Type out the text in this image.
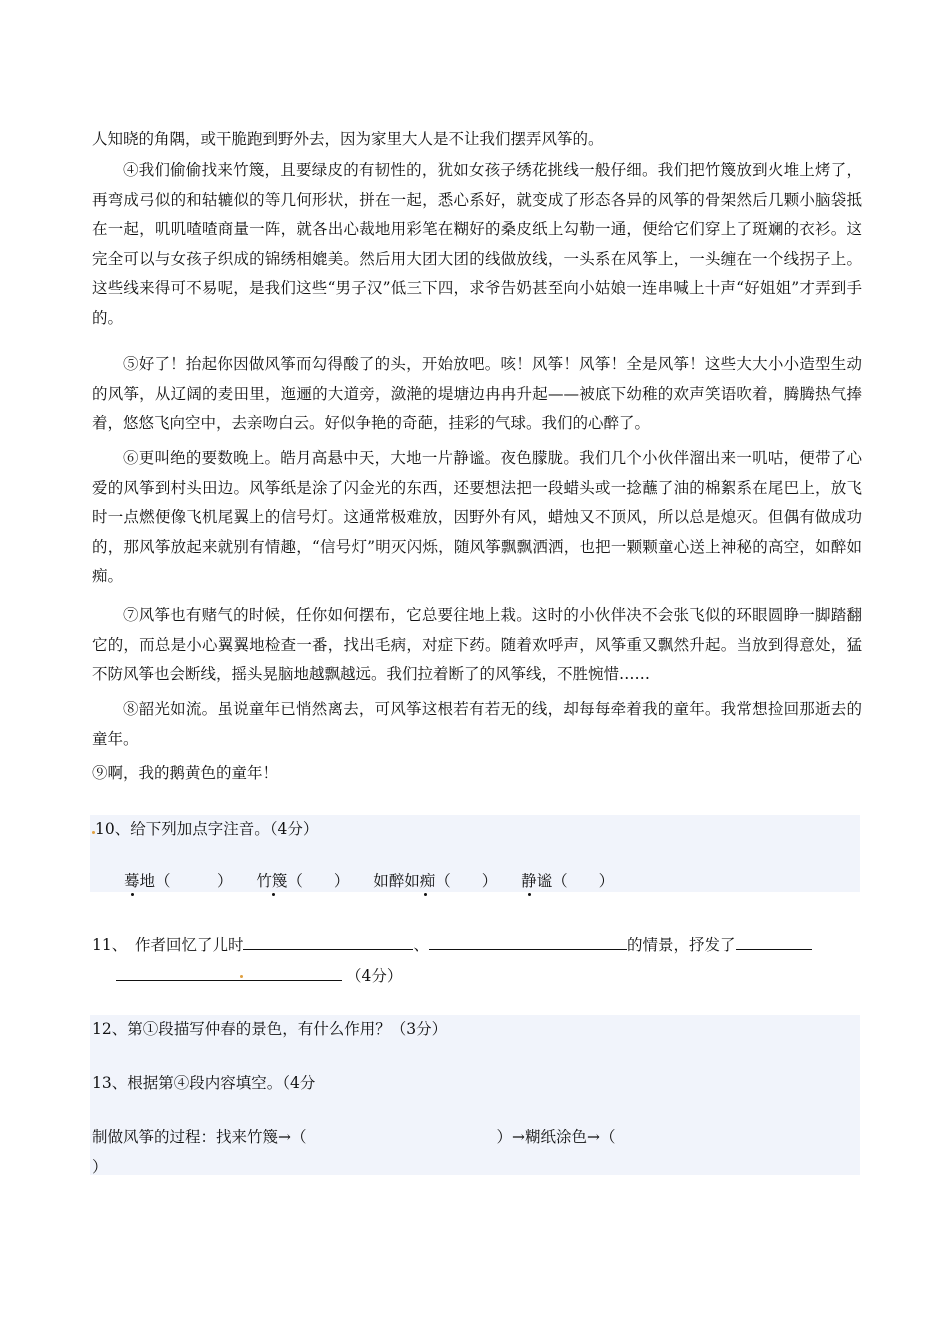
人知晓的角隅，或干脆跑到野外去，因为家里大人是不让我们摆弄风筝的。

④我们偷偷找来竹篾，且要绿皮的有韧性的，犹如女孩子绣花挑线一般仔细。我们把竹篾放到火堆上烤了，再弯成弓似的和轱辘似的等几何形状，拼在一起，悉心系好，就变成了形态各异的风筝的骨架然后几颗小脑袋抵在一起，叽叽喳喳商量一阵，就各出心裁地用彩笔在糊好的桑皮纸上勾勒一通，便给它们穿上了斑斓的衣衫。这完全可以与女孩子织成的锦绣相媲美。然后用大团大团的线做放线，一头系在风筝上，一头缠在一个线拐子上。这些线来得可不易呢，是我们这些“男子汉”低三下四，求爷告奶甚至向小姑娘一连串喊上十声“好姐姐”才弄到手的。

⑤好了！抬起你因做风筝而勾得酸了的头，开始放吧。咳！风筝！风筝！全是风筝！这些大大小小造型生动的风筝，从辽阔的麦田里，迤逦的大道旁，潋滟的堤塘边冉冉升起——被底下幼稚的欢声笑语吹着，腾腾热气捧着，悠悠飞向空中，去亲吻白云。好似争艳的奇葩，挂彩的气球。我们的心醉了。

⑥更叫绝的要数晚上。皓月高悬中天，大地一片静谧。夜色朦胧。我们几个小伙伴溜出来一叽咕，便带了心爱的风筝到村头田边。风筝纸是涂了闪金光的东西，还要想法把一段蜡头或一捻蘸了油的棉絮系在尾巴上，放飞时一点燃便像飞机尾翼上的信号灯。这通常极难放，因野外有风，蜡烛又不顶风，所以总是熄灭。但偶有做成功的，那风筝放起来就别有情趣，“信号灯”明灭闪烁，随风筝飘飘洒洒，也把一颗颗童心送上神秘的高空，如醉如痴。

⑦风筝也有赌气的时候，任你如何摆布，它总要往地上栽。这时的小伙伴决不会张飞似的环眼圆睁一脚踏翻它的，而总是小心翼翼地检查一番，找出毛病，对症下药。随着欢呼声，风筝重又飘然升起。当放到得意处，猛不防风筝也会断线，摇头晃脑地越飘越远。我们拉着断了的风筝线，不胜惋惜……

⑧韶光如流。虽说童年已悄然离去，可风筝这根若有若无的线，却每每牵着我的童年。我常想捡回那逝去的童年。

⑨啊，我的鹅黄色的童年！

10、给下列加点字注音。（4分）
蓦地（　　　） 竹篾（　　） 如醉如痴（　　） 静谧（　　）
11、　作者回忆了儿时	、	的情景，抒发了
（4分）
12、第①段描写仲春的景色，有什么作用？（3分）
13、根据第④段内容填空。（4分
制做风筝的过程：找来竹篾→（	）→糊纸涂色→（
）
